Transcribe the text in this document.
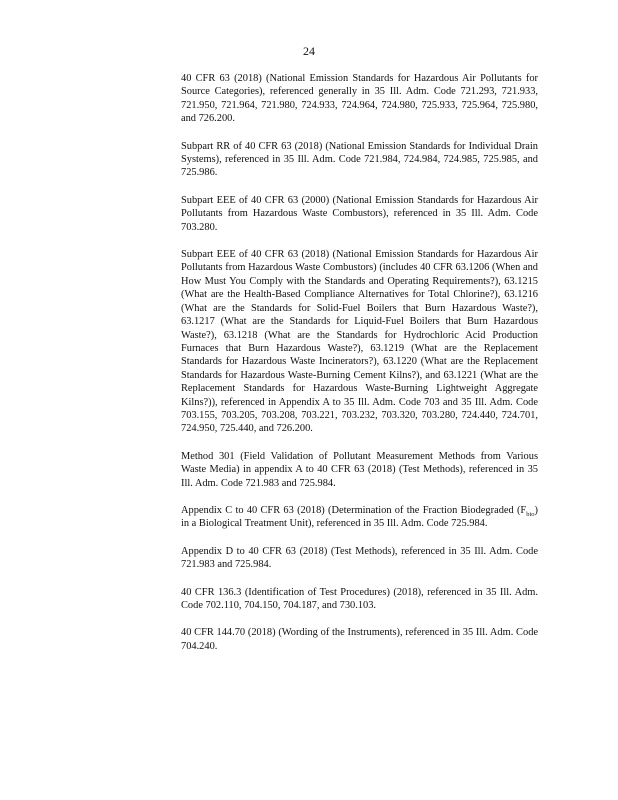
24

40 CFR 63 (2018) (National Emission Standards for Hazardous Air Pollutants for Source Categories), referenced generally in 35 Ill. Adm. Code 721.293, 721.933, 721.950, 721.964, 721.980, 724.933, 724.964, 724.980, 725.933, 725.964, 725.980, and 726.200.

Subpart RR of 40 CFR 63 (2018) (National Emission Standards for Individual Drain Systems), referenced in 35 Ill. Adm. Code 721.984, 724.984, 724.985, 725.985, and 725.986.

Subpart EEE of 40 CFR 63 (2000) (National Emission Standards for Hazardous Air Pollutants from Hazardous Waste Combustors), referenced in 35 Ill. Adm. Code 703.280.

Subpart EEE of 40 CFR 63 (2018) (National Emission Standards for Hazardous Air Pollutants from Hazardous Waste Combustors) (includes 40 CFR 63.1206 (When and How Must You Comply with the Standards and Operating Requirements?), 63.1215 (What are the Health-Based Compliance Alternatives for Total Chlorine?), 63.1216 (What are the Standards for Solid-Fuel Boilers that Burn Hazardous Waste?), 63.1217 (What are the Standards for Liquid-Fuel Boilers that Burn Hazardous Waste?), 63.1218 (What are the Standards for Hydrochloric Acid Production Furnaces that Burn Hazardous Waste?), 63.1219 (What are the Replacement Standards for Hazardous Waste Incinerators?), 63.1220 (What are the Replacement Standards for Hazardous Waste-Burning Cement Kilns?), and 63.1221 (What are the Replacement Standards for Hazardous Waste-Burning Lightweight Aggregate Kilns?)), referenced in Appendix A to 35 Ill. Adm. Code 703 and 35 Ill. Adm. Code 703.155, 703.205, 703.208, 703.221, 703.232, 703.320, 703.280, 724.440, 724.701, 724.950, 725.440, and 726.200.

Method 301 (Field Validation of Pollutant Measurement Methods from Various Waste Media) in appendix A to 40 CFR 63 (2018) (Test Methods), referenced in 35 Ill. Adm. Code 721.983 and 725.984.

Appendix C to 40 CFR 63 (2018) (Determination of the Fraction Biodegraded $(F_{bio})$ in a Biological Treatment Unit), referenced in 35 Ill. Adm. Code 725.984.

Appendix D to 40 CFR 63 (2018) (Test Methods), referenced in 35 Ill. Adm. Code 721.983 and 725.984.

40 CFR 136.3 (Identification of Test Procedures) (2018), referenced in 35 Ill. Adm. Code 702.110, 704.150, 704.187, and 730.103.

40 CFR 144.70 (2018) (Wording of the Instruments), referenced in 35 Ill. Adm. Code 704.240.
